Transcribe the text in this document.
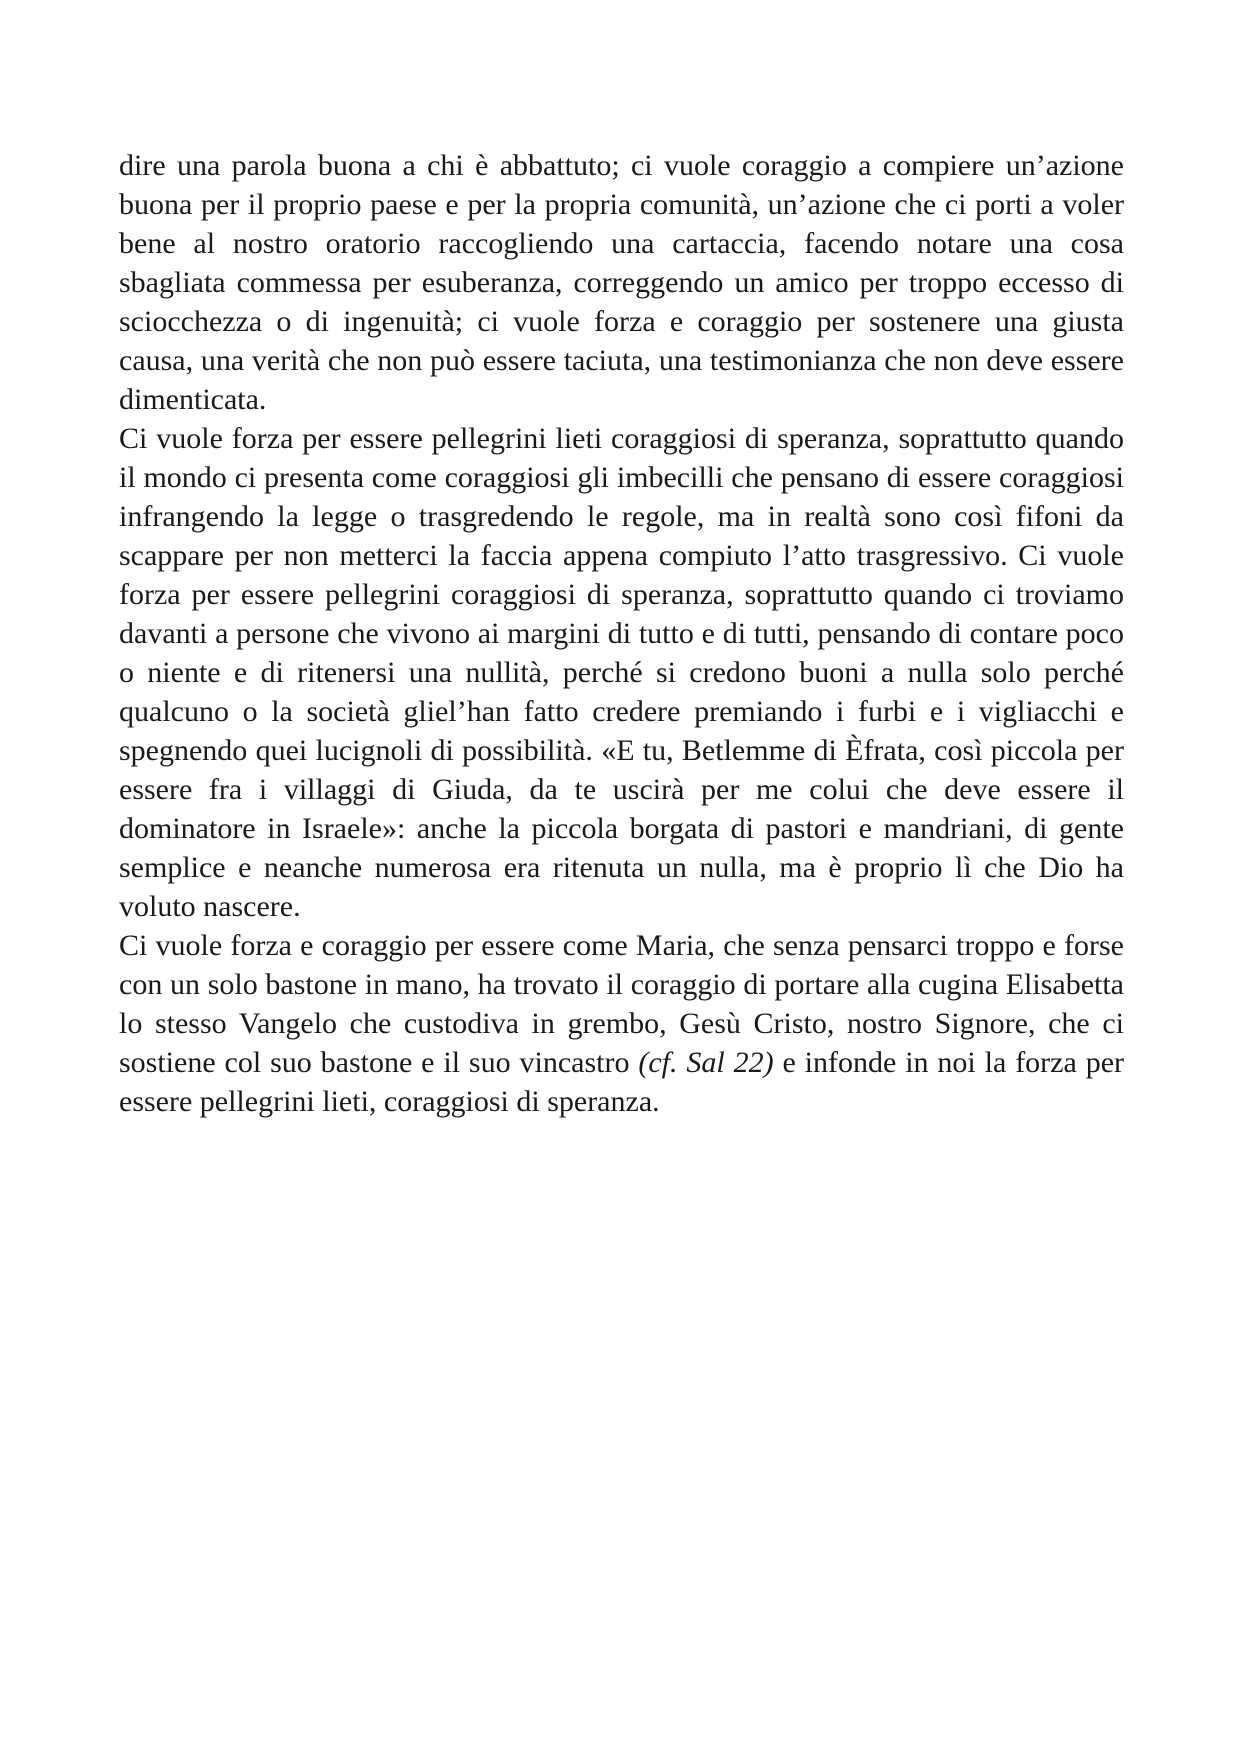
dire una parola buona a chi è abbattuto; ci vuole coraggio a compiere un’azione buona per il proprio paese e per la propria comunità, un’azione che ci porti a voler bene al nostro oratorio raccogliendo una cartaccia, facendo notare una cosa sbagliata commessa per esuberanza, correggendo un amico per troppo eccesso di sciocchezza o di ingenuità; ci vuole forza e coraggio per sostenere una giusta causa, una verità che non può essere taciuta, una testimonianza che non deve essere dimenticata.

Ci vuole forza per essere pellegrini lieti coraggiosi di speranza, soprattutto quando il mondo ci presenta come coraggiosi gli imbecilli che pensano di essere coraggiosi infrangendo la legge o trasgredendo le regole, ma in realtà sono così fifoni da scappare per non metterci la faccia appena compiuto l’atto trasgressivo. Ci vuole forza per essere pellegrini coraggiosi di speranza, soprattutto quando ci troviamo davanti a persone che vivono ai margini di tutto e di tutti, pensando di contare poco o niente e di ritenersi una nullità, perché si credono buoni a nulla solo perché qualcuno o la società gliel’han fatto credere premiando i furbi e i vigliacchi e spegnendo quei lucignoli di possibilità. «E tu, Betlemme di Èfrata, così piccola per essere fra i villaggi di Giuda, da te uscirà per me colui che deve essere il dominatore in Israele»: anche la piccola borgata di pastori e mandriani, di gente semplice e neanche numerosa era ritenuta un nulla, ma è proprio lì che Dio ha voluto nascere.

Ci vuole forza e coraggio per essere come Maria, che senza pensarci troppo e forse con un solo bastone in mano, ha trovato il coraggio di portare alla cugina Elisabetta lo stesso Vangelo che custodiva in grembo, Gesù Cristo, nostro Signore, che ci sostiene col suo bastone e il suo vincastro (cf. Sal 22) e infonde in noi la forza per essere pellegrini lieti, coraggiosi di speranza.
